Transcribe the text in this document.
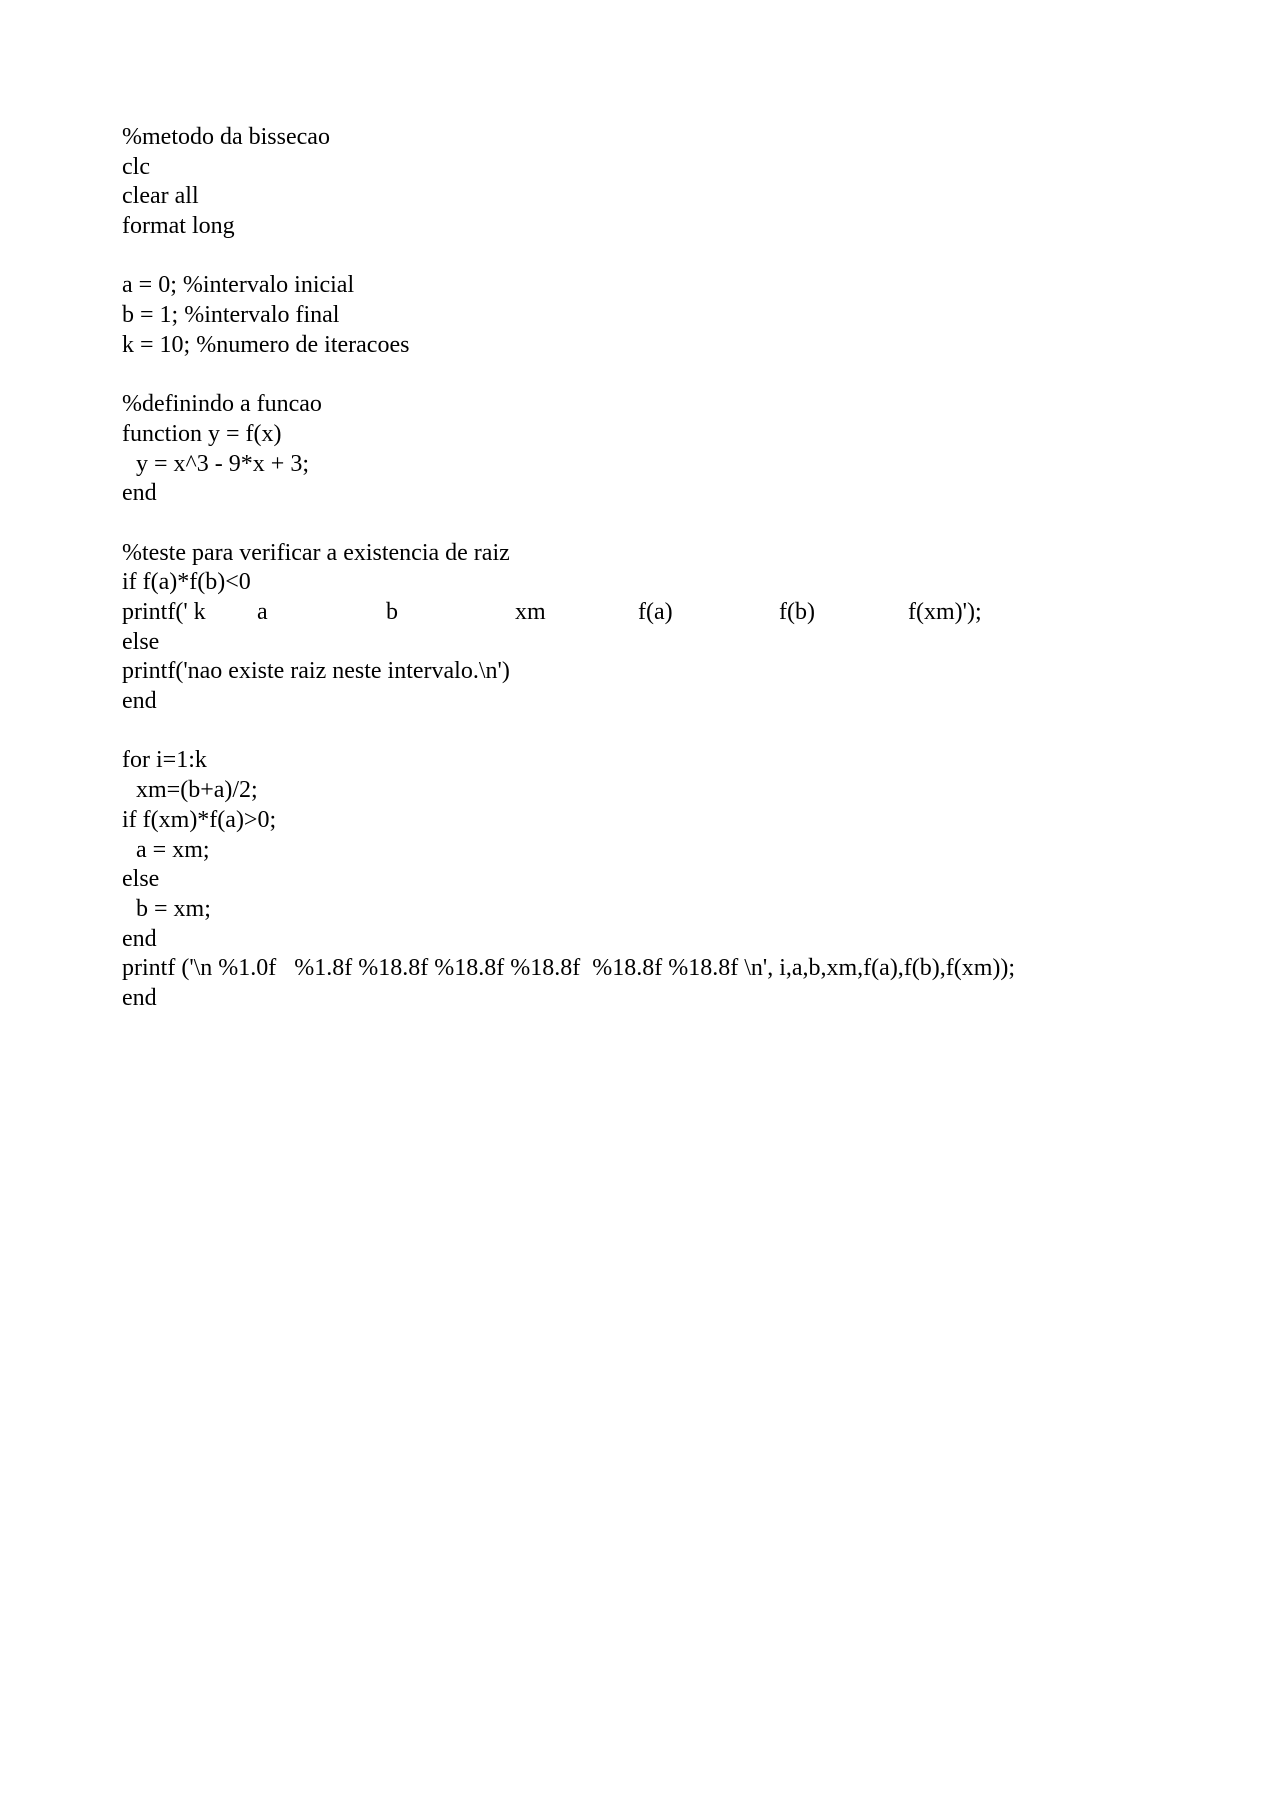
%metodo da bissecao
clc
clear all
format long
a = 0; %intervalo inicial
b = 1; %intervalo final
k = 10; %numero de iteracoes
%definindo a funcao
function y = f(x)
y = x^3 - 9*x + 3;
end
%teste para verificar a existencia de raiz
if f(a)*f(b)<0

printf(' k

a

	b

	xm

	f(a)

	f(b)

	f(xm)');

else
printf('nao existe raiz neste intervalo.\n')
end
for i=1:k
xm=(b+a)/2;
if f(xm)*f(a)>0;
a = xm;
else
b = xm;
end
printf ('\n %1.0f   %1.8f %18.8f %18.8f %18.8f  %18.8f %18.8f \n', i,a,b,xm,f(a),f(b),f(xm));
end
